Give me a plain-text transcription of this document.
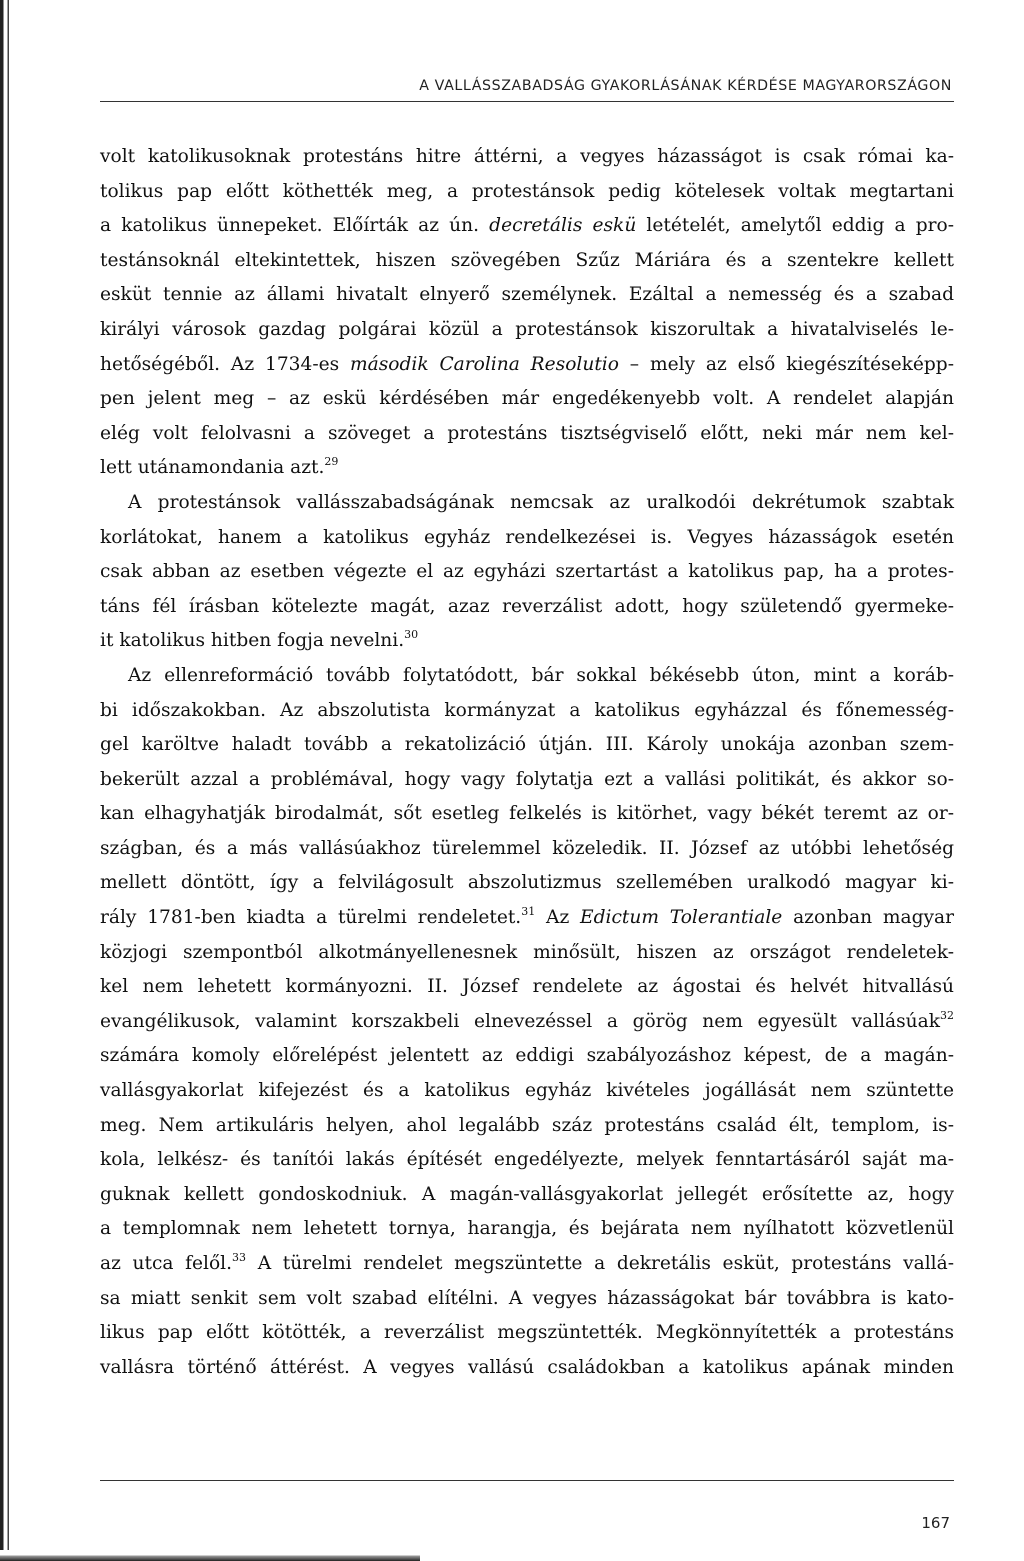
A VALLÁSSZABADSÁG GYAKORLÁSÁNAK KÉRDÉSE MAGYARORSZÁGON
volt katolikusoknak protestáns hitre áttérni, a vegyes házasságot is csak római ka-
tolikus pap előtt köthették meg, a protestánsok pedig kötelesek voltak megtartani
a katolikus ünnepeket. Előírták az ún. decretális eskü letételét, amelytől eddig a pro-
testánsoknál eltekintettek, hiszen szövegében Szűz Máriára és a szentekre kellett
esküt tennie az állami hivatalt elnyerő személynek. Ezáltal a nemesség és a szabad
királyi városok gazdag polgárai közül a protestánsok kiszorultak a hivatalviselés le-
hetőségéből. Az 1734-es második Carolina Resolutio – mely az első kiegészítéseképp-
pen jelent meg – az eskü kérdésében már engedékenyebb volt. A rendelet alapján
elég volt felolvasni a szöveget a protestáns tisztségviselő előtt, neki már nem kel-
lett utánamondania azt.$^{29}$
A protestánsok vallásszabadságának nemcsak az uralkodói dekrétumok szabtak
korlátokat, hanem a katolikus egyház rendelkezései is. Vegyes házasságok esetén
csak abban az esetben végezte el az egyházi szertartást a katolikus pap, ha a protes-
táns fél írásban kötelezte magát, azaz reverzálist adott, hogy születendő gyermeke-
it katolikus hitben fogja nevelni.$^{30}$
Az ellenreformáció tovább folytatódott, bár sokkal békésebb úton, mint a koráb-
bi időszakokban. Az abszolutista kormányzat a katolikus egyházzal és főnemesség-
gel karöltve haladt tovább a rekatolizáció útján. III. Károly unokája azonban szem-
bekerült azzal a problémával, hogy vagy folytatja ezt a vallási politikát, és akkor so-
kan elhagyhatják birodalmát, sőt esetleg felkelés is kitörhet, vagy békét teremt az or-
szágban, és a más vallásúakhoz türelemmel közeledik. II. József az utóbbi lehetőség
mellett döntött, így a felvilágosult abszolutizmus szellemében uralkodó magyar ki-
rály 1781-ben kiadta a türelmi rendeletet.$^{31}$ Az Edictum Tolerantiale azonban magyar
közjogi szempontból alkotmányellenesnek minősült, hiszen az országot rendeletek-
kel nem lehetett kormányozni. II. József rendelete az ágostai és helvét hitvallású
evangélikusok, valamint korszakbeli elnevezéssel a görög nem egyesült vallásúak$^{32}$
számára komoly előrelépést jelentett az eddigi szabályozáshoz képest, de a magán-
vallásgyakorlat kifejezést és a katolikus egyház kivételes jogállását nem szüntette
meg. Nem artikuláris helyen, ahol legalább száz protestáns család élt, templom, is-
kola, lelkész- és tanítói lakás építését engedélyezte, melyek fenntartásáról saját ma-
guknak kellett gondoskodniuk. A magán-vallásgyakorlat jellegét erősítette az, hogy
a templomnak nem lehetett tornya, harangja, és bejárata nem nyílhatott közvetlenül
az utca felől.$^{33}$ A türelmi rendelet megszüntette a dekretális esküt, protestáns vallá-
sa miatt senkit sem volt szabad elítélni. A vegyes házasságokat bár továbbra is kato-
likus pap előtt kötötték, a reverzálist megszüntették. Megkönnyítették a protestáns
vallásra történő áttérést. A vegyes vallású családokban a katolikus apának minden
167
